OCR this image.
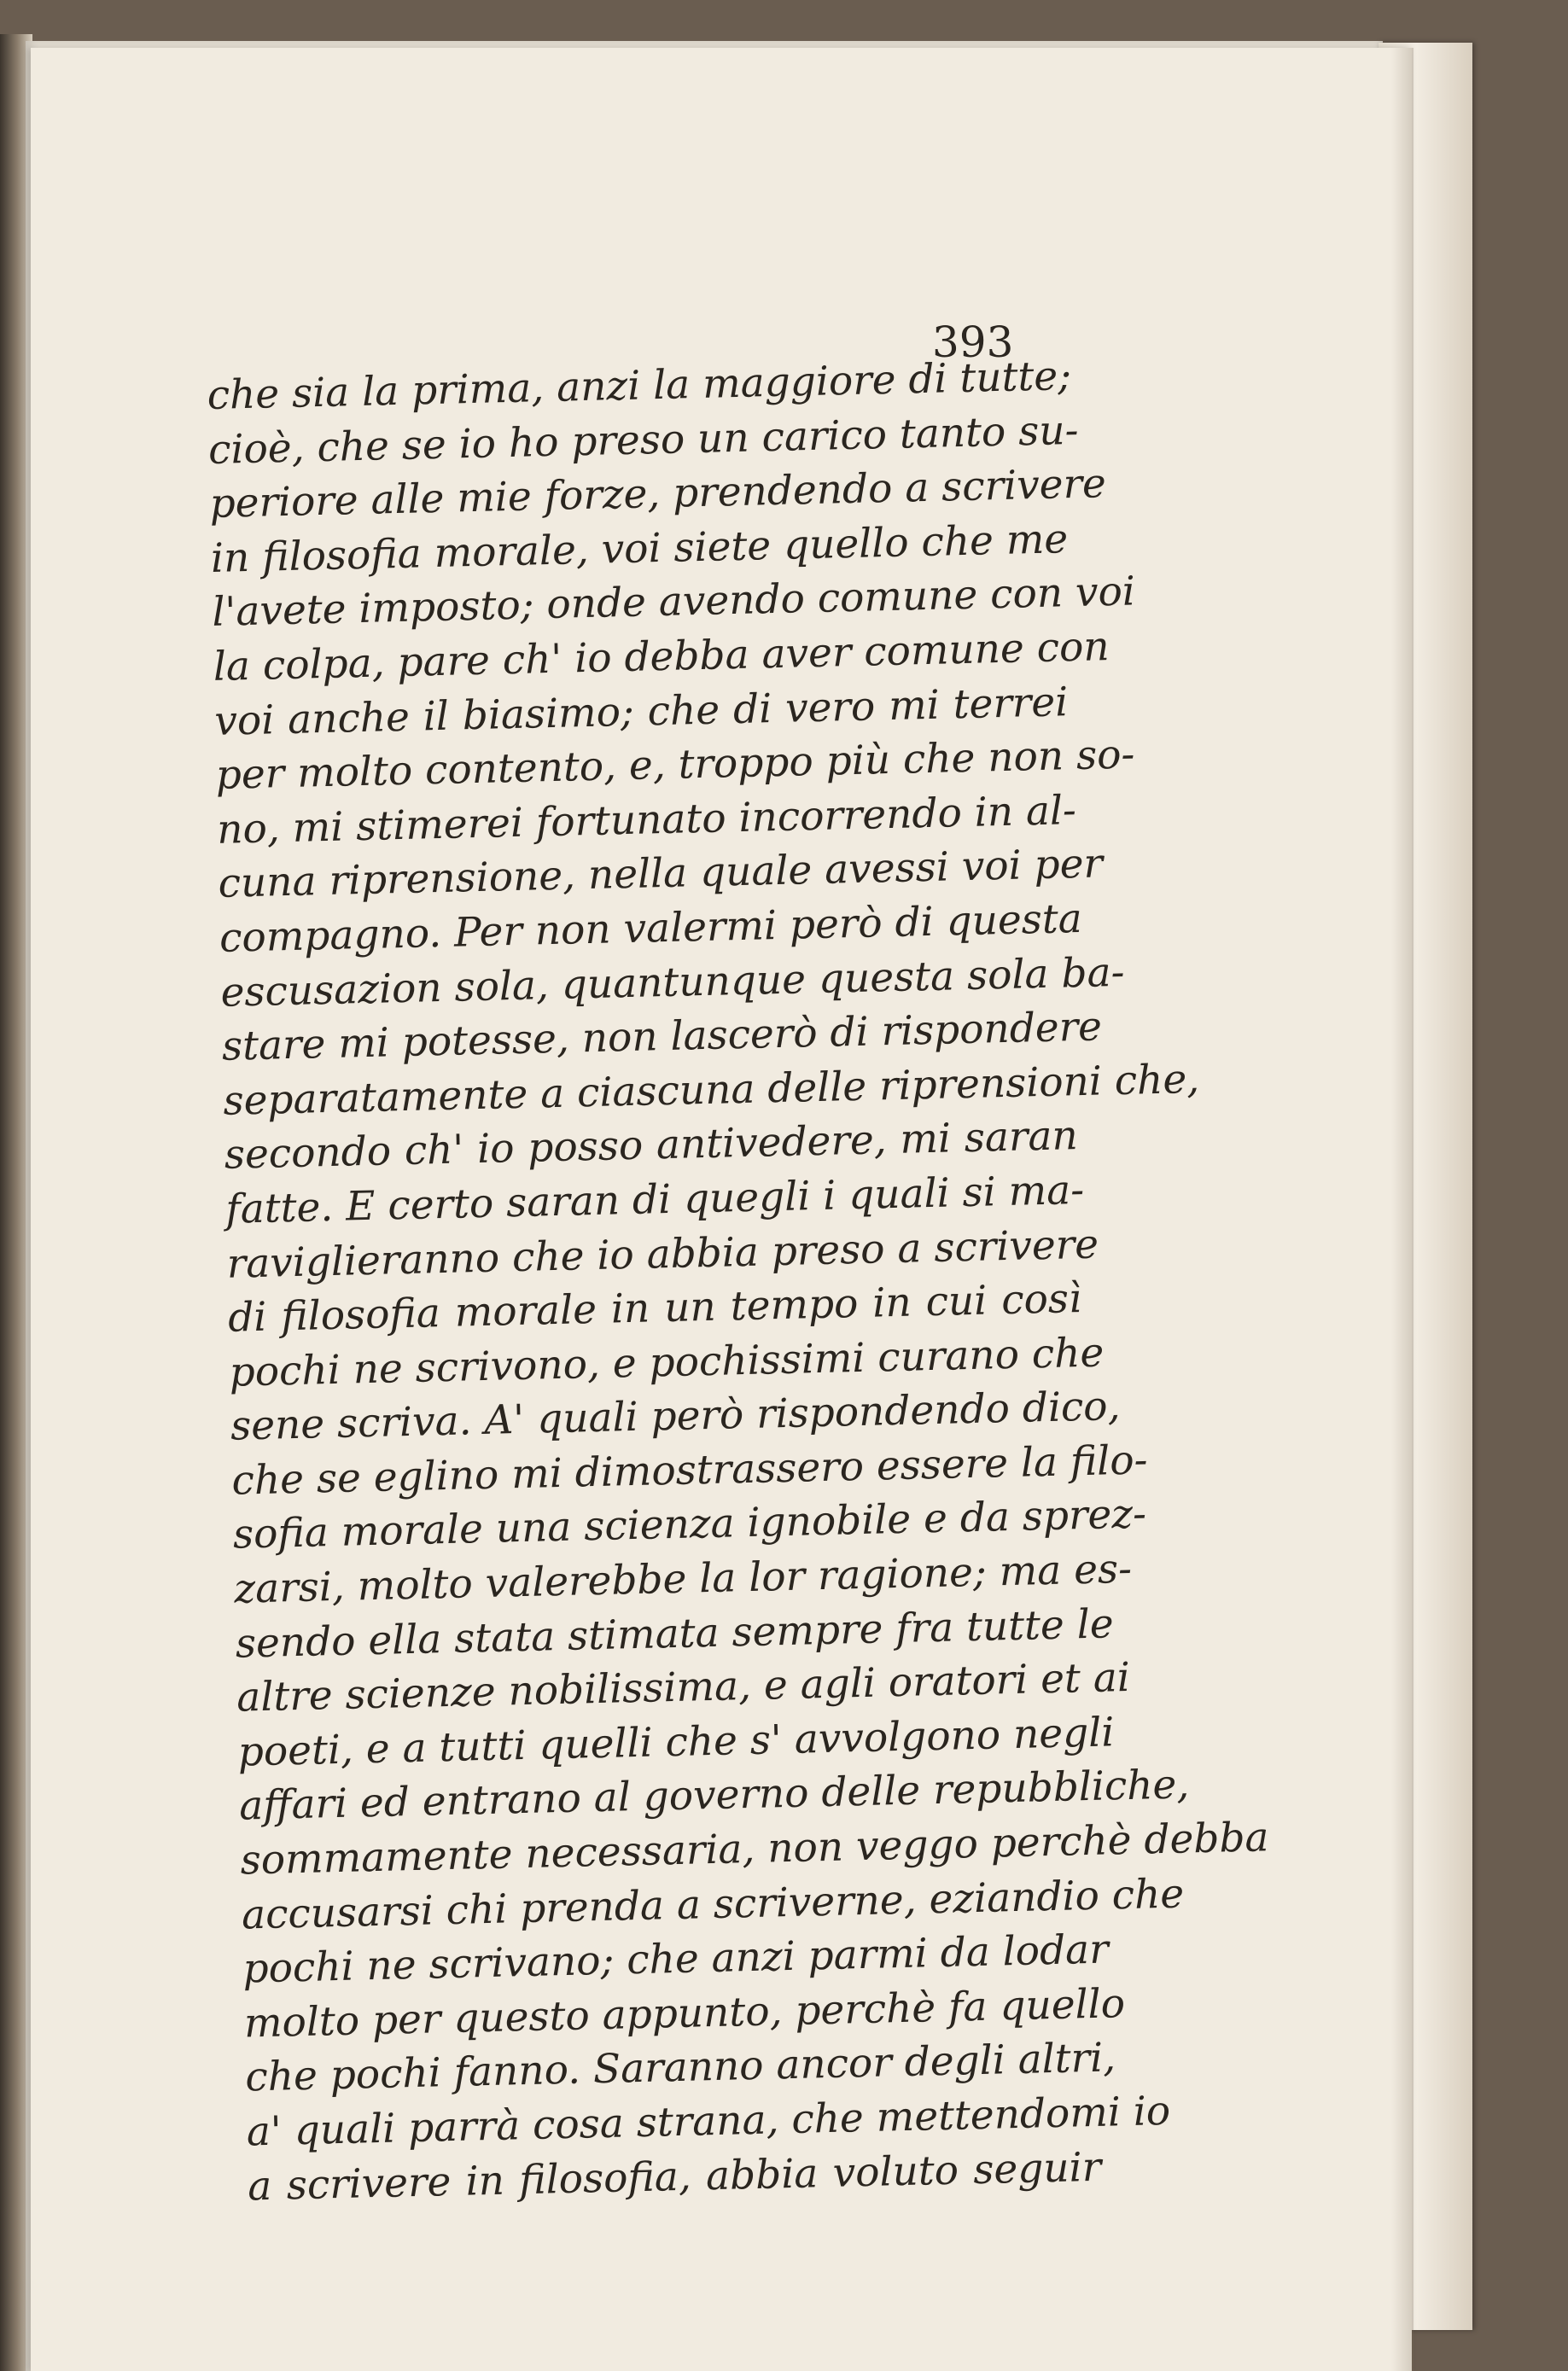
393
che sia la prima, anzi la maggiore di tutte;
cioè, che se io ho preso un carico tanto su-
periore alle mie forze, prendendo a scrivere
in filosofia morale, voi siete quello che me
l'avete imposto; onde avendo comune con voi
la colpa, pare ch' io debba aver comune con
voi anche il biasimo; che di vero mi terrei
per molto contento, e, troppo più che non so-
no, mi stimerei fortunato incorrendo in al-
cuna riprensione, nella quale avessi voi per
compagno. Per non valermi però di questa
escusazion sola, quantunque questa sola ba-
stare mi potesse, non lascerò di rispondere
separatamente a ciascuna delle riprensioni che,
secondo ch' io posso antivedere, mi saran
fatte. E certo saran di quegli i quali si ma-
raviglieranno che io abbia preso a scrivere
di filosofia morale in un tempo in cui così
pochi ne scrivono, e pochissimi curano che
sene scriva. A' quali però rispondendo dico,
che se eglino mi dimostrassero essere la filo-
sofia morale una scienza ignobile e da sprez-
zarsi, molto valerebbe la lor ragione; ma es-
sendo ella stata stimata sempre fra tutte le
altre scienze nobilissima, e agli oratori et ai
poeti, e a tutti quelli che s' avvolgono negli
affari ed entrano al governo delle repubbliche,
sommamente necessaria, non veggo perchè debba
accusarsi chi prenda a scriverne, eziandio che
pochi ne scrivano; che anzi parmi da lodar
molto per questo appunto, perchè fa quello
che pochi fanno. Saranno ancor degli altri,
a' quali parrà cosa strana, che mettendomi io
a scrivere in filosofia, abbia voluto seguir
